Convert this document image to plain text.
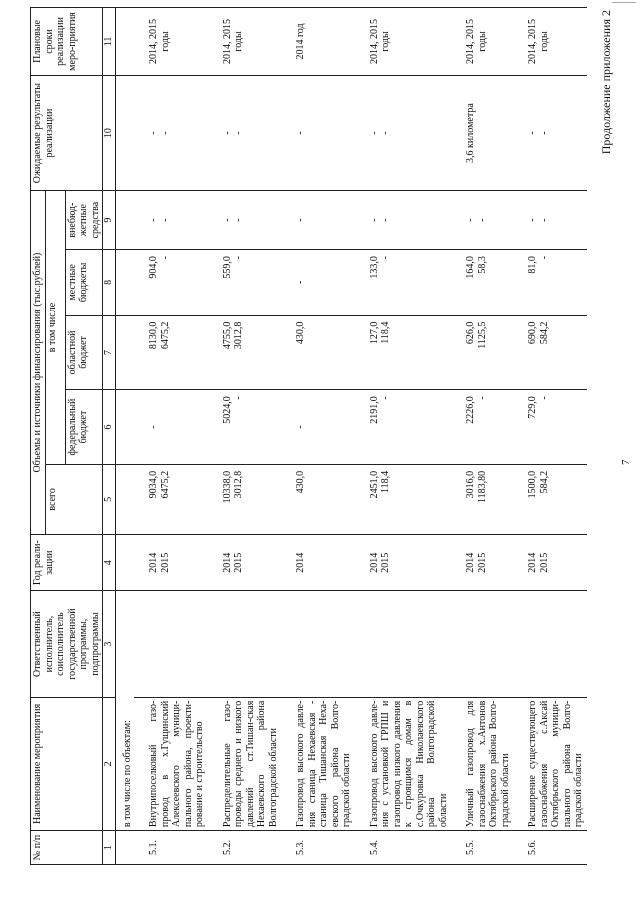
7
Продолжение приложения 2
№ п/п	Наименование мероприятия	Ответственный исполнитель, соисполнитель государственной программы, подпрограммы	Год реали-зации	Объемы и источники финансирования (тыс.рублей)					Ожидаемые результаты реализации	Плановые сроки реализации меро-приятия
				всего	в том числе					
					федеральный бюджет	областной бюджет	местные бюджеты	внебюд-жетные средства		
1	2	3	4	5	6	7	8	9	10	11
	в том числе по объектам:									
5.1.	Внутрипоселковый газо-провод в х.Гущинский Алексеевского муници-пального района, проекти-рование и строительство		2014 2015	9034,0 6475,2	-	8130,0 6475,2	904,0 -	- -	- -	2014, 2015 годы
5.2.	Распределительные газо-проводы среднего и низкого давлений ст.Тишан-ская Нехаевского района Волгоградской области		2014 2015	10338,0 3012,8	5024,0 -	4755,0 3012,8	559,0 -	- -	- -	2014, 2015 годы
5.3.	Газопровод высокого давле-ния станица Нехаевская - станица Тишанская Неха-евского района Волго-градской области		2014	430,0	-	430,0	-	-	-	2014 год
5.4.	Газопровод высокого давле-ния с установкой ГРПШ и газопровод низкого давления к строящимся домам в с.Очкуровка Николаевского района Волгоградской области		2014 2015	2451,0 118,4	2191,0 -	127,0 118,4	133,0 -	- -	- -	2014, 2015 годы
5.5.	Уличный газопровод для газоснабжения х.Антонов Октябрьского района Волго-градской области		2014 2015	3016,0 1183,80	2226,0 -	626,0 1125,5	164,0 58,3	- -	3,6 километра	2014, 2015 годы
5.6.	Расширение существующего газоснабжения с.Аксай Октябрьского муници-пального района Волго-градской области		2014 2015	1500,0 584,2	729,0 -	690,0 584,2	81,0 -	- -	- -	2014, 2015 годы
